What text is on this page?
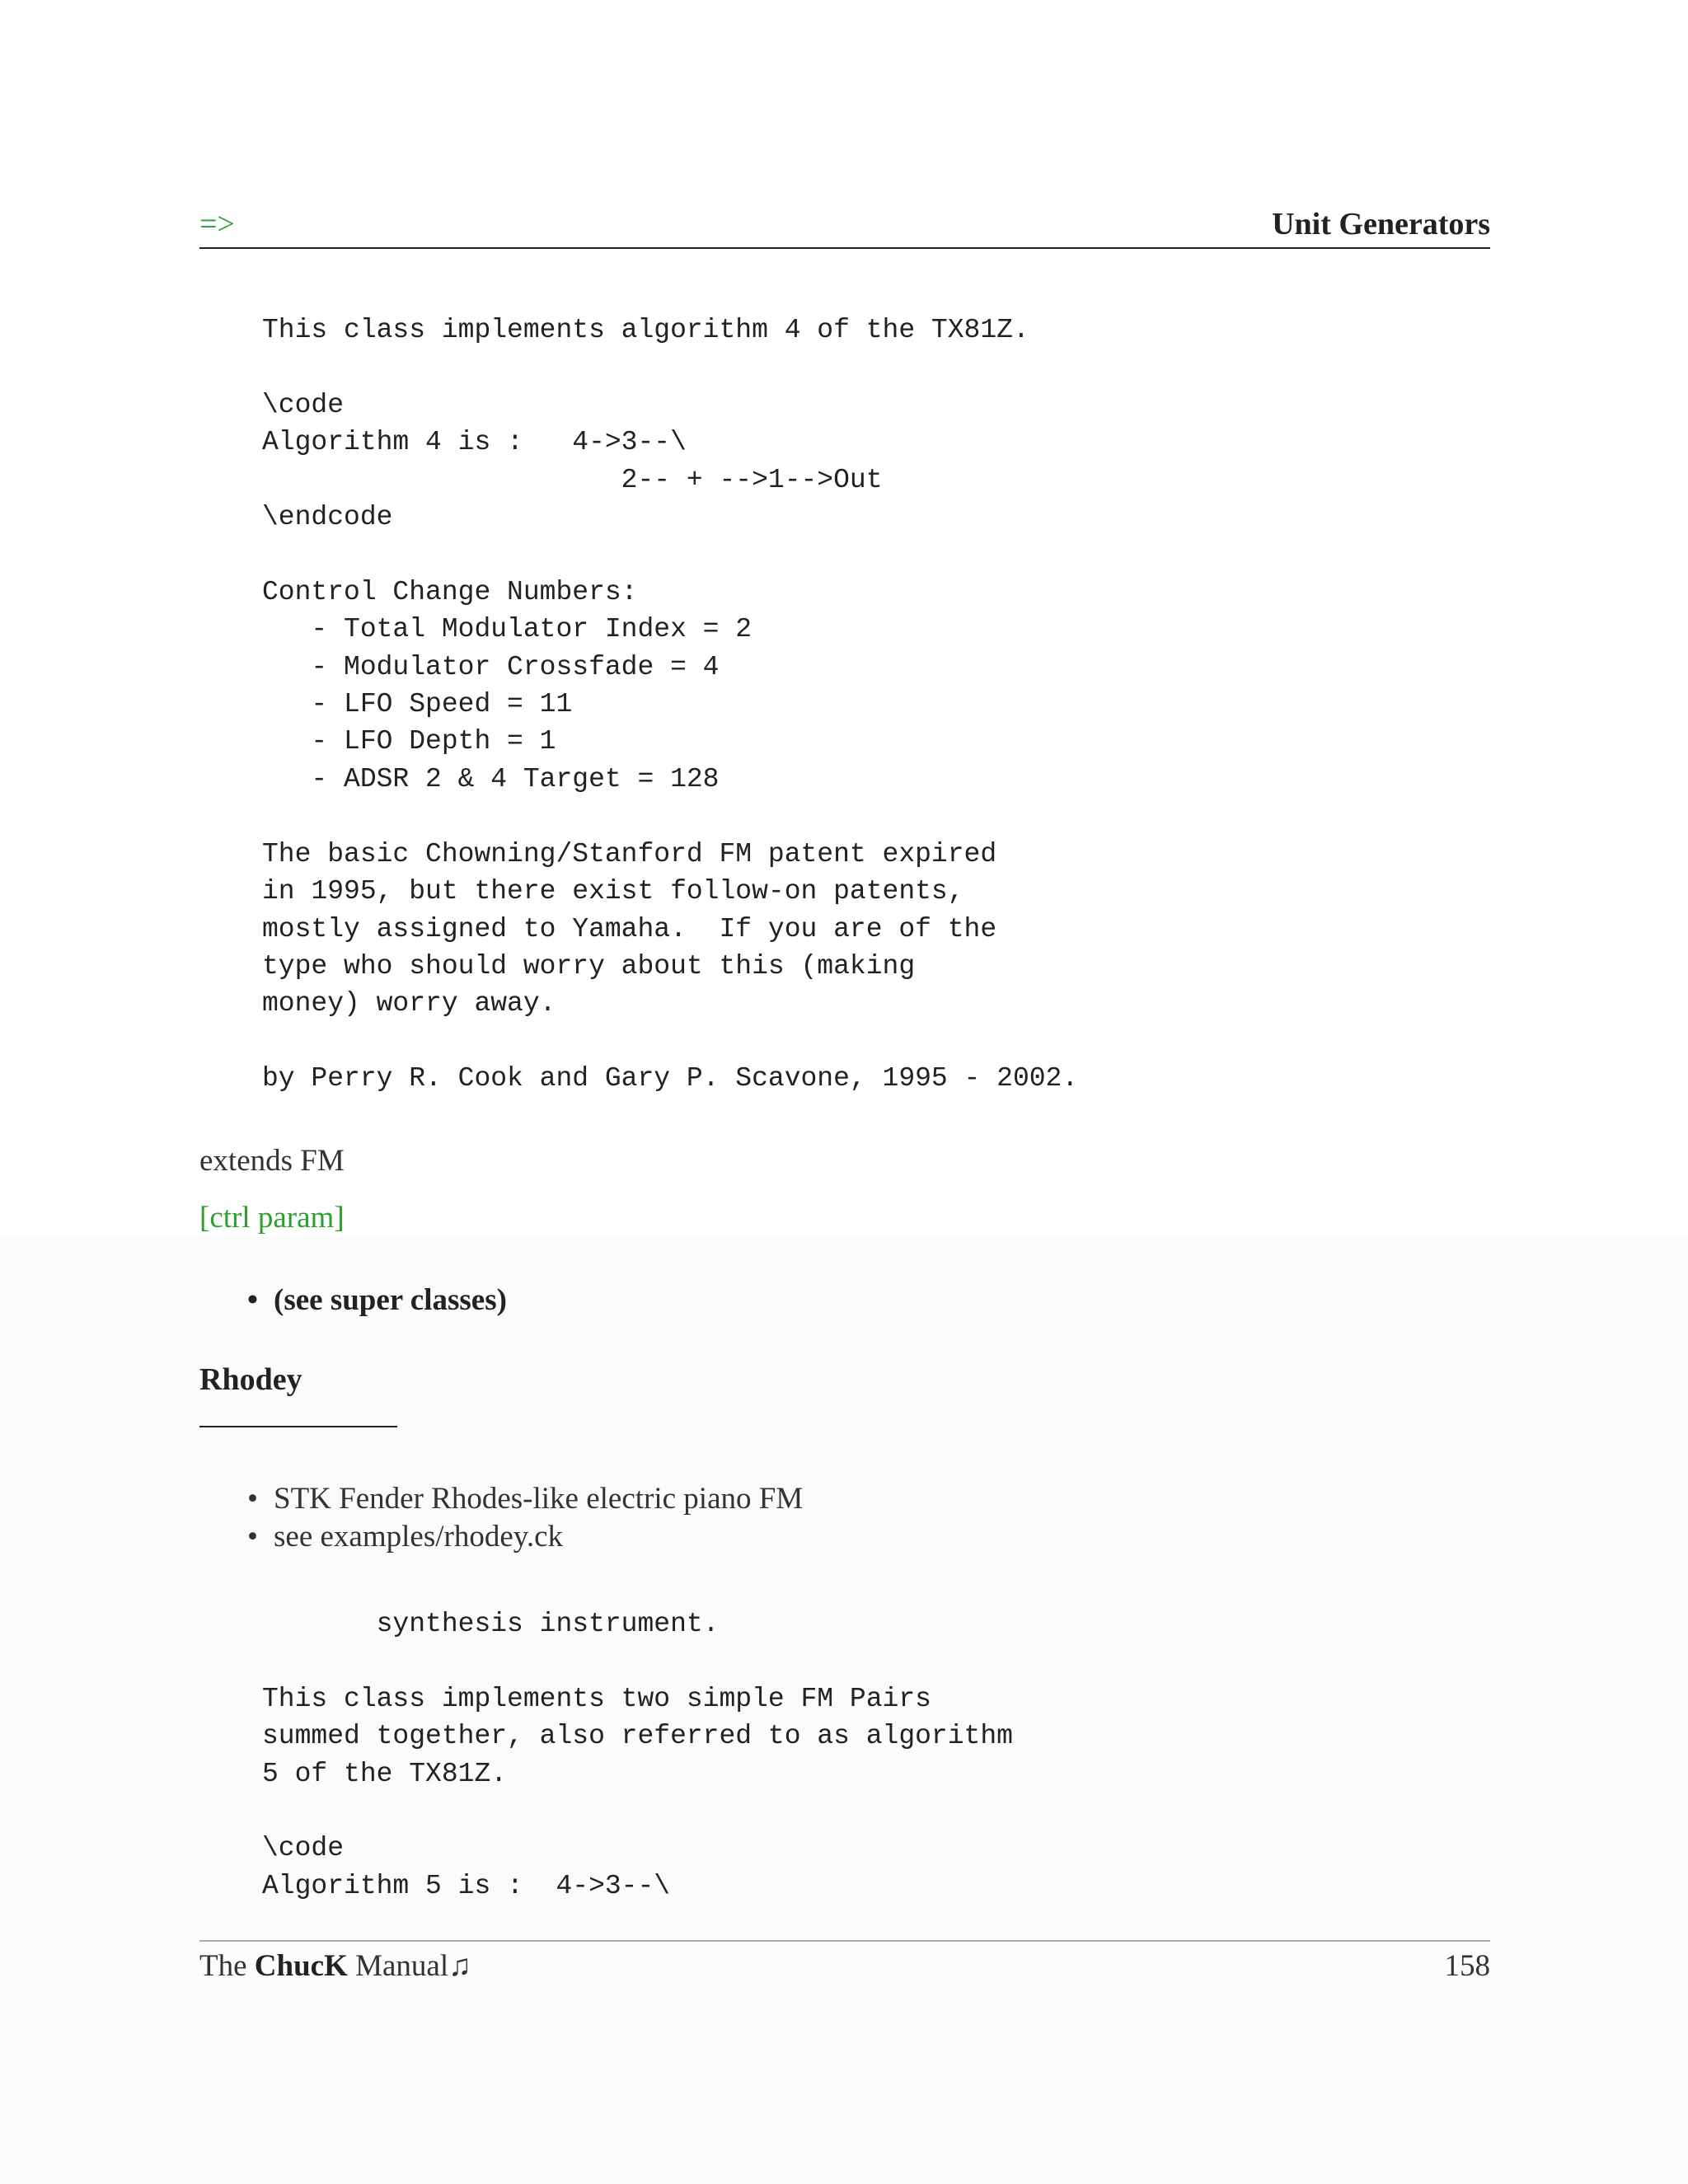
=>	Unit Generators
This class implements algorithm 4 of the TX81Z.

\code
Algorithm 4 is :   4->3--\
2-- + -->1-->Out
\endcode

Control Change Numbers:
- Total Modulator Index = 2
- Modulator Crossfade = 4
- LFO Speed = 11
- LFO Depth = 1
- ADSR 2 & 4 Target = 128

The basic Chowning/Stanford FM patent expired
in 1995, but there exist follow-on patents,
mostly assigned to Yamaha.  If you are of the
type who should worry about this (making
money) worry away.

by Perry R. Cook and Gary P. Scavone, 1995 - 2002.
extends FM
[ctrl param]
• (see super classes)
Rhodey
• STK Fender Rhodes-like electric piano FM
• see examples/rhodey.ck
synthesis instrument.

This class implements two simple FM Pairs
summed together, also referred to as algorithm
5 of the TX81Z.

\code
Algorithm 5 is :  4->3--\
The ChucK Manual♫	158
